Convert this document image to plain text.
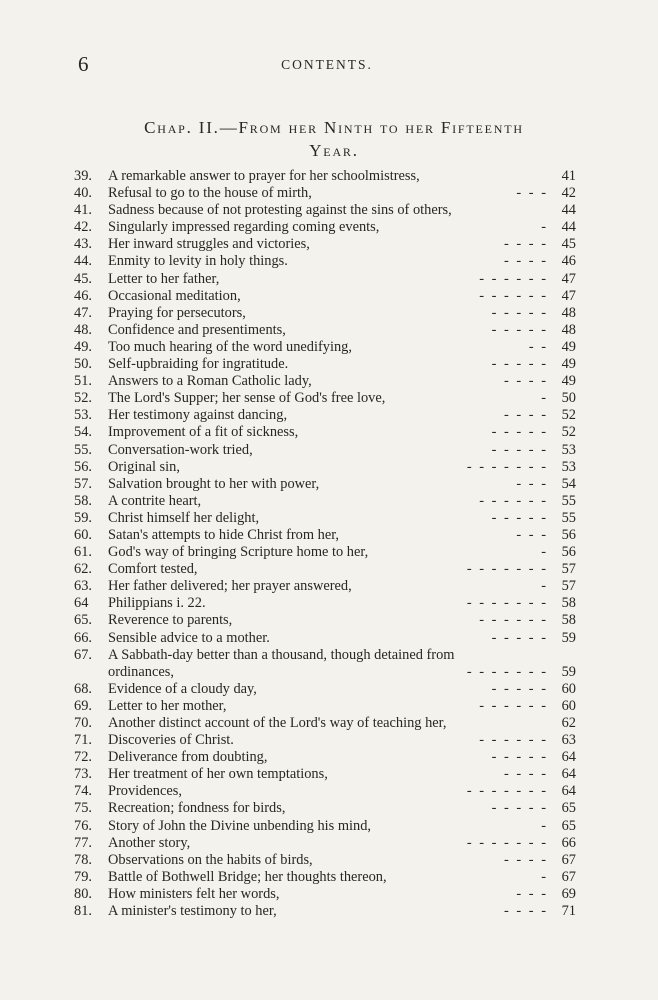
6	CONTENTS.
Chap. II.—From her Ninth to her Fifteenth
Year.
39.	A remarkable answer to prayer for her schoolmistress,	41
40.	Refusal to go to the house of mirth,	- - - 42
41.	Sadness because of not protesting against the sins of others,	44
42.	Singularly impressed regarding coming events,	- 44
43.	Her inward struggles and victories,	- - - - 45
44.	Enmity to levity in holy things.	- - - - 46
45.	Letter to her father,	- - - - - - 47
46.	Occasional meditation,	- - - - - - 47
47.	Praying for persecutors,	- - - - - 48
48.	Confidence and presentiments,	- - - - - 48
49.	Too much hearing of the word unedifying,	- - 49
50.	Self-upbraiding for ingratitude.	- - - - - 49
51.	Answers to a Roman Catholic lady,	- - - - 49
52.	The Lord's Supper; her sense of God's free love,	- 50
53.	Her testimony against dancing,	- - - - 52
54.	Improvement of a fit of sickness,	- - - - - 52
55.	Conversation-work tried,	- - - - - 53
56.	Original sin,	- - - - - - - 53
57.	Salvation brought to her with power,	- - - 54
58.	A contrite heart,	- - - - - - 55
59.	Christ himself her delight,	- - - - - 55
60.	Satan's attempts to hide Christ from her,	- - - 56
61.	God's way of bringing Scripture home to her,	- 56
62.	Comfort tested,	- - - - - - - 57
63.	Her father delivered; her prayer answered,	- 57
64	Philippians i. 22.	- - - - - - - 58
65.	Reverence to parents,	- - - - - - 58
66.	Sensible advice to a mother.	- - - - - 59
67.	A Sabbath-day better than a thousand, though detained from
ordinances,	- - - - - - - 59
68.	Evidence of a cloudy day,	- - - - - 60
69.	Letter to her mother,	- - - - - - 60
70.	Another distinct account of the Lord's way of teaching her,	62
71.	Discoveries of Christ.	- - - - - - 63
72.	Deliverance from doubting,	- - - - - 64
73.	Her treatment of her own temptations,	- - - - 64
74.	Providences,	- - - - - - - 64
75.	Recreation; fondness for birds,	- - - - - 65
76.	Story of John the Divine unbending his mind,	- 65
77.	Another story,	- - - - - - - 66
78.	Observations on the habits of birds,	- - - - 67
79.	Battle of Bothwell Bridge; her thoughts thereon,	- 67
80.	How ministers felt her words,	- - - 69
81.	A minister's testimony to her,	- - - - 71
